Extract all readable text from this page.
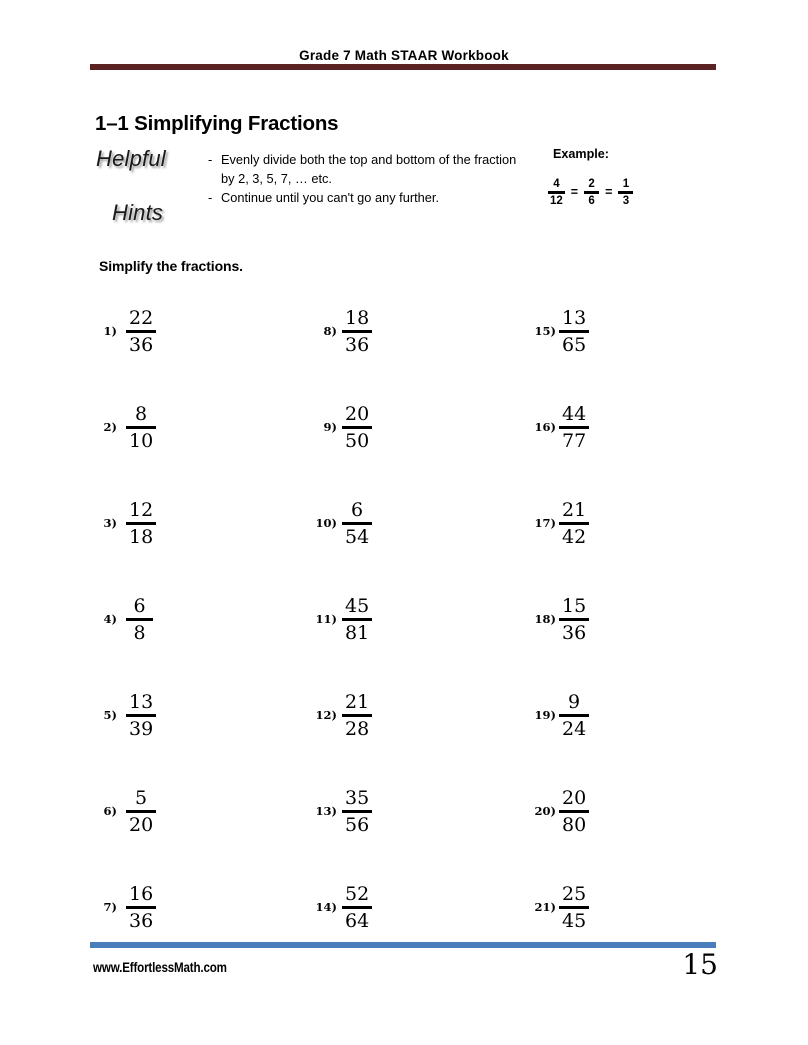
Grade 7 Math STAAR Workbook
1–1 Simplifying Fractions
Helpful
Hints
- Evenly divide both the top and bottom of the fraction by 2, 3, 5, 7, … etc.
- Continue until you can't go any further.
Example:
$\frac{4}{12} = \frac{2}{6} = \frac{1}{3}$
Simplify the fractions.
$1) \frac{22}{36}$
$2) \frac{8}{10}$
$3) \frac{12}{18}$
$4) \frac{6}{8}$
$5) \frac{13}{39}$
$6) \frac{5}{20}$
$7) \frac{16}{36}$
$8) \frac{18}{36}$
$9) \frac{20}{50}$
$10) \frac{6}{54}$
$11) \frac{45}{81}$
$12) \frac{21}{28}$
$13) \frac{35}{56}$
$14) \frac{52}{64}$
$15) \frac{13}{65}$
$16) \frac{44}{77}$
$17) \frac{21}{42}$
$18) \frac{15}{36}$
$19) \frac{9}{24}$
$20) \frac{20}{80}$
$21) \frac{25}{45}$
www.EffortlessMath.com	15
